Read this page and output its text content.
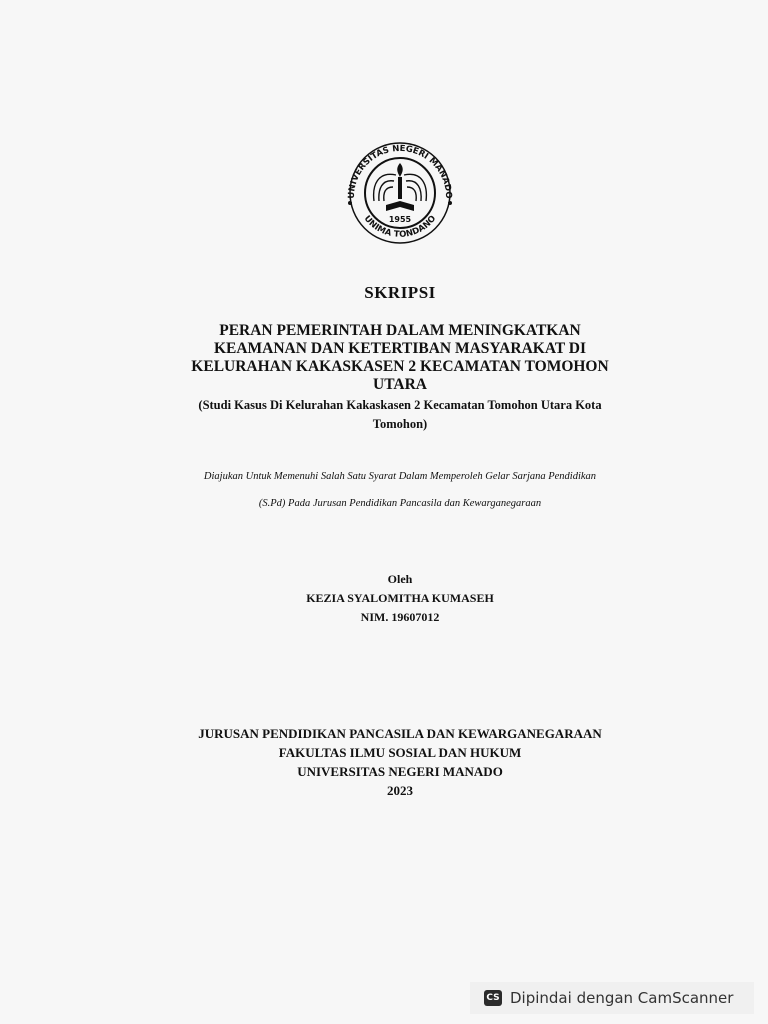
UNIVERSITAS NEGERI MANADO
UNIMA TONDANO
1955
SKRIPSI
PERAN PEMERINTAH DALAM MENINGKATKAN
KEAMANAN DAN KETERTIBAN MASYARAKAT DI
KELURAHAN KAKASKASEN 2 KECAMATAN TOMOHON
UTARA
(Studi Kasus Di Kelurahan Kakaskasen 2 Kecamatan Tomohon Utara Kota
Tomohon)
Diajukan Untuk Memenuhi Salah Satu Syarat Dalam Memperoleh Gelar Sarjana Pendidikan
(S.Pd) Pada Jurusan Pendidikan Pancasila dan Kewarganegaraan
Oleh
KEZIA SYALOMITHA KUMASEH
NIM. 19607012
JURUSAN PENDIDIKAN PANCASILA DAN KEWARGANEGARAAN
FAKULTAS ILMU SOSIAL DAN HUKUM
UNIVERSITAS NEGERI MANADO
2023
CS Dipindai dengan CamScanner
